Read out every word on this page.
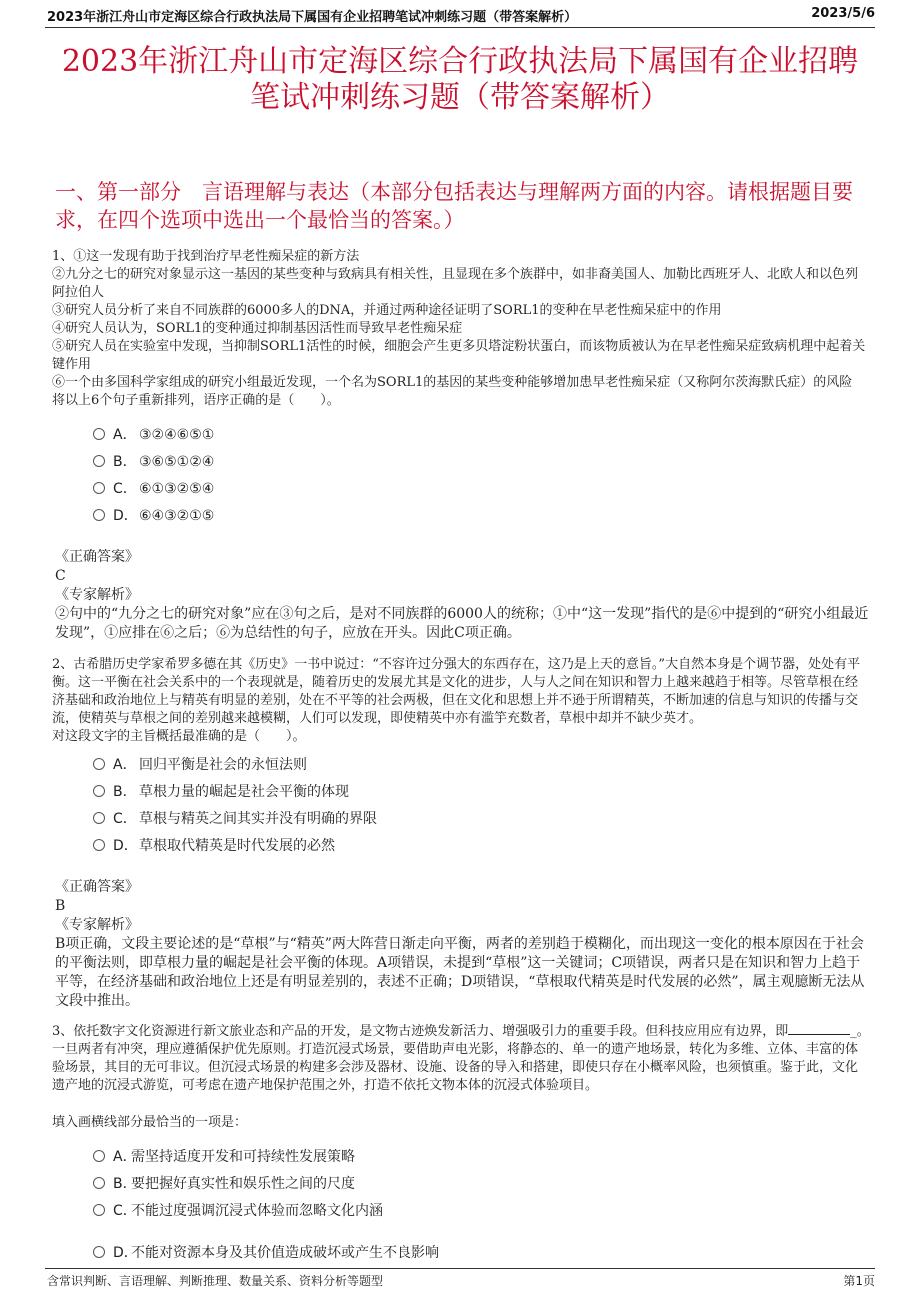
2023年浙江舟山市定海区综合行政执法局下属国有企业招聘笔试冲刺练习题（带答案解析）	2023/5/6
2023年浙江舟山市定海区综合行政执法局下属国有企业招聘笔试冲刺练习题（带答案解析）
一、第一部分　言语理解与表达（本部分包括表达与理解两方面的内容。请根据题目要求，在四个选项中选出一个最恰当的答案。）

1、①这一发现有助于找到治疗早老性痴呆症的新方法

②九分之七的研究对象显示这一基因的某些变种与致病具有相关性，且显现在多个族群中，如非裔美国人、加勒比西班牙人、北欧人和以色列阿拉伯人

③研究人员分析了来自不同族群的6000多人的DNA，并通过两种途径证明了SORL1的变种在早老性痴呆症中的作用

④研究人员认为，SORL1的变种通过抑制基因活性而导致早老性痴呆症

⑤研究人员在实验室中发现，当抑制SORL1活性的时候，细胞会产生更多贝塔淀粉状蛋白，而该物质被认为在早老性痴呆症致病机理中起着关键作用

⑥一个由多国科学家组成的研究小组最近发现，一个名为SORL1的基因的某些变种能够增加患早老性痴呆症（又称阿尔茨海默氏症）的风险

将以上6个句子重新排列，语序正确的是（　　）。

A． ③②④⑥⑤①
B． ③⑥⑤①②④
C． ⑥①③②⑤④
D．⑥④③②①⑤

《正确答案》

C

《专家解析》

②句中的“九分之七的研究对象”应在③句之后，是对不同族群的6000人的统称；①中“这一发现”指代的是⑥中提到的“研究小组最近发现”，①应排在⑥之后；⑥为总结性的句子，应放在开头。因此C项正确。

2、古希腊历史学家希罗多德在其《历史》一书中说过：“不容许过分强大的东西存在，这乃是上天的意旨。”大自然本身是个调节器，处处有平衡。这一平衡在社会关系中的一个表现就是，随着历史的发展尤其是文化的进步，人与人之间在知识和智力上越来越趋于相等。尽管草根在经济基础和政治地位上与精英有明显的差别，处在不平等的社会两极，但在文化和思想上并不逊于所谓精英，不断加速的信息与知识的传播与交流，使精英与草根之间的差别越来越模糊，人们可以发现，即使精英中亦有滥竽充数者，草根中却并不缺少英才。

对这段文字的主旨概括最准确的是（　　）。

A． 回归平衡是社会的永恒法则
B． 草根力量的崛起是社会平衡的体现
C． 草根与精英之间其实并没有明确的界限
D．草根取代精英是时代发展的必然

《正确答案》

B

《专家解析》

B项正确，文段主要论述的是“草根”与“精英”两大阵营日渐走向平衡，两者的差别趋于模糊化，而出现这一变化的根本原因在于社会的平衡法则，即草根力量的崛起是社会平衡的体现。A项错误，未提到“草根”这一关键词；C项错误，两者只是在知识和智力上趋于平等，在经济基础和政治地位上还是有明显差别的，表述不正确；D项错误，“草根取代精英是时代发展的必然”，属主观臆断无法从文段中推出。

3、依托数字文化资源进行新文旅业态和产品的开发，是文物古迹焕发新活力、增强吸引力的重要手段。但科技应用应有边界，即	_。一旦两者有冲突，理应遵循保护优先原则。打造沉浸式场景，要借助声电光影，将静态的、单一的遗产地场景，转化为多维、立体、丰富的体验场景，其目的无可非议。但沉浸式场景的构建多会涉及器材、设施、设备的导入和搭建，即使只存在小概率风险，也须慎重。鉴于此，文化遗产地的沉浸式游览，可考虑在遗产地保护范围之外，打造不依托文物本体的沉浸式体验项目。

填入画横线部分最恰当的一项是：
A．需坚持适度开发和可持续性发展策略
B．要把握好真实性和娱乐性之间的尺度
C．不能过度强调沉浸式体验而忽略文化内涵
D．不能对资源本身及其价值造成破坏或产生不良影响
含常识判断、言语理解、判断推理、数量关系、资料分析等题型	第1页
